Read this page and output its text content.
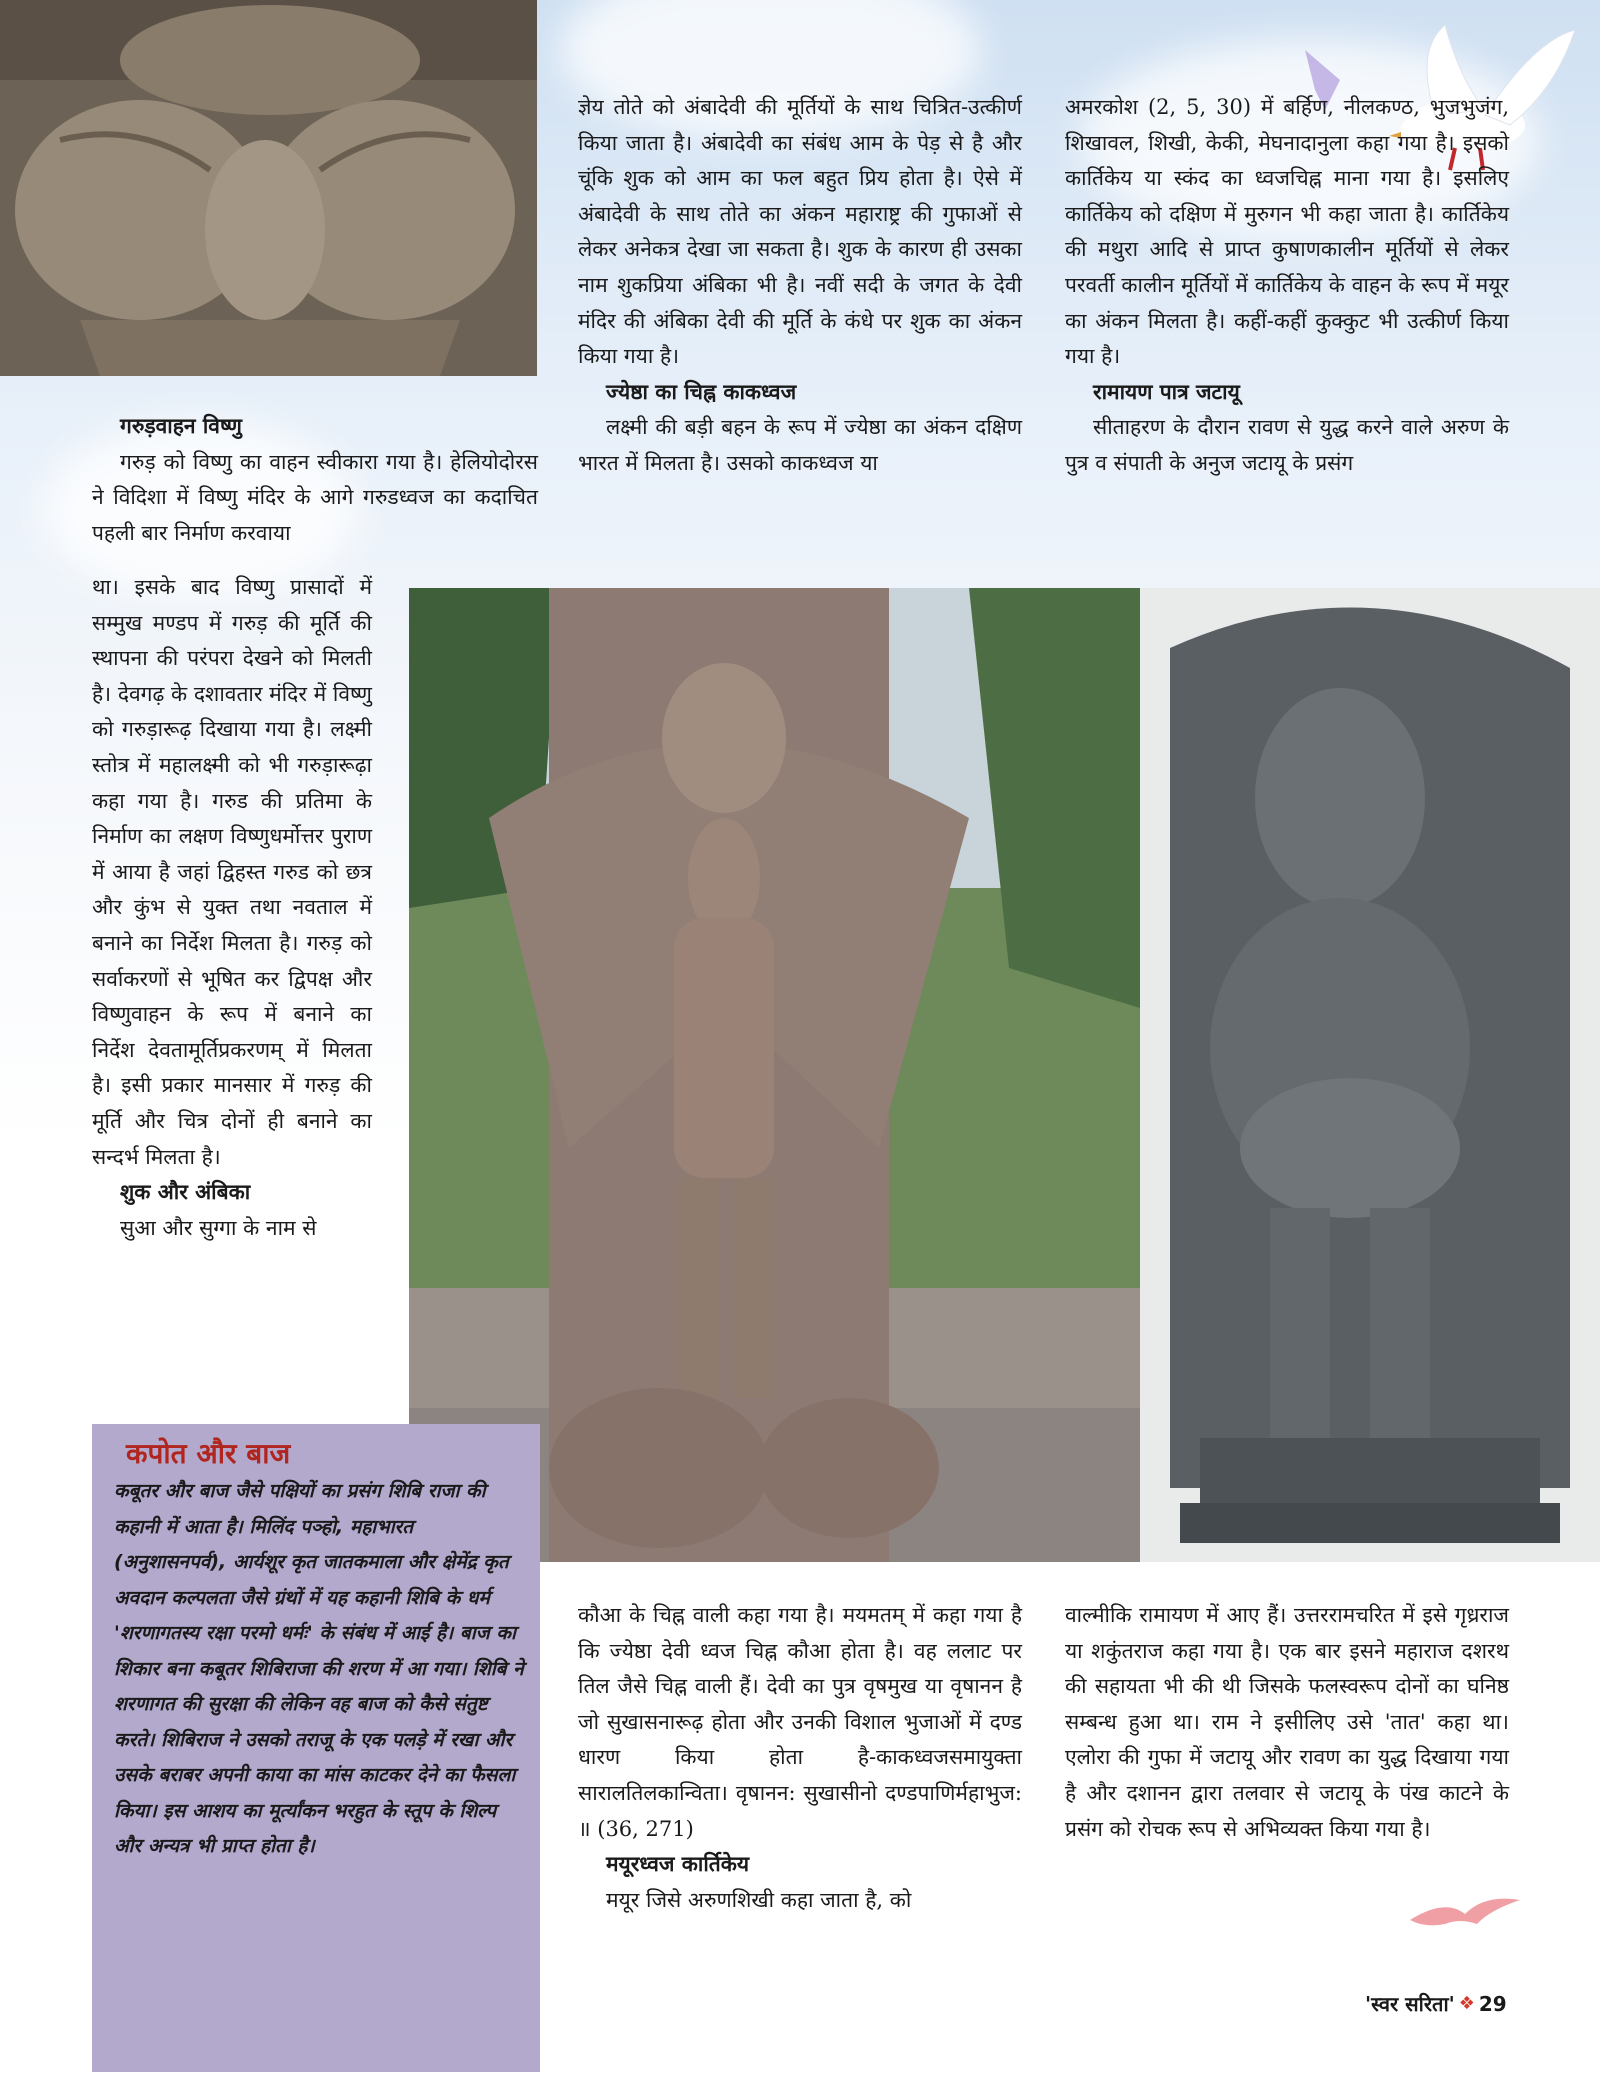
गरुड़वाहन विष्णु

गरुड़ को विष्णु का वाहन स्वीकारा गया है। हेलियोदोरस ने विदिशा में विष्णु मंदिर के आगे गरुडध्वज का कदाचित पहली बार निर्माण करवाया

था। इसके बाद विष्णु प्रासादों में सम्मुख मण्डप में गरुड़ की मूर्ति की स्थापना की परंपरा देखने को मिलती है। देवगढ़ के दशावतार मंदिर में विष्णु को गरुड़ारूढ़ दिखाया गया है। लक्ष्मी स्तोत्र में महालक्ष्मी को भी गरुड़ारूढ़ा कहा गया है। गरुड की प्रतिमा के निर्माण का लक्षण विष्णुधर्मोत्तर पुराण में आया है जहां द्विहस्त गरुड को छत्र और कुंभ से युक्त तथा नवताल में बनाने का निर्देश मिलता है। गरुड़ को सर्वाकरणों से भूषित कर द्विपक्ष और विष्णुवाहन के रूप में बनाने का निर्देश देवतामूर्तिप्रकरणम् में मिलता है। इसी प्रकार मानसार में गरुड़ की मूर्ति और चित्र दोनों ही बनाने का सन्दर्भ मिलता है।

शुक और अंबिका

सुआ और सुग्गा के नाम से

ज्ञेय तोते को अंबादेवी की मूर्तियों के साथ चित्रित-उत्कीर्ण किया जाता है। अंबादेवी का संबंध आम के पेड़ से है और चूंकि शुक को आम का फल बहुत प्रिय होता है। ऐसे में अंबादेवी के साथ तोते का अंकन महाराष्ट्र की गुफाओं से लेकर अनेकत्र देखा जा सकता है। शुक के कारण ही उसका नाम शुकप्रिया अंबिका भी है। नवीं सदी के जगत के देवी मंदिर की अंबिका देवी की मूर्ति के कंधे पर शुक का अंकन किया गया है।

ज्येष्ठा का चिह्न काकध्वज

लक्ष्मी की बड़ी बहन के रूप में ज्येष्ठा का अंकन दक्षिण भारत में मिलता है। उसको काकध्वज या

अमरकोश (2, 5, 30) में बर्हिण, नीलकण्ठ, भुजभुजंग, शिखावल, शिखी, केकी, मेघनादानुला कहा गया है। इसको कार्तिकेय या स्कंद का ध्वजचिह्न माना गया है। इसलिए कार्तिकेय को दक्षिण में मुरुगन भी कहा जाता है। कार्तिकेय की मथुरा आदि से प्राप्त कुषाणकालीन मूर्तियों से लेकर परवर्ती कालीन मूर्तियों में कार्तिकेय के वाहन के रूप में मयूर का अंकन मिलता है। कहीं-कहीं कुक्कुट भी उत्कीर्ण किया गया है।

रामायण पात्र जटायू

सीताहरण के दौरान रावण से युद्ध करने वाले अरुण के पुत्र व संपाती के अनुज जटायू के प्रसंग

कौआ के चिह्न वाली कहा गया है। मयमतम् में कहा गया है कि ज्येष्ठा देवी ध्वज चिह्न कौआ होता है। वह ललाट पर तिल जैसे चिह्न वाली हैं। देवी का पुत्र वृषमुख या वृषानन है जो सुखासनारूढ़ होता और उनकी विशाल भुजाओं में दण्ड धारण किया होता है-काकध्वजसमायुक्ता सारालतिलकान्विता। वृषानन: सुखासीनो दण्डपाणिर्महाभुज: ॥ (36, 271)

मयूरध्वज कार्तिकेय

मयूर जिसे अरुणशिखी कहा जाता है, को

वाल्मीकि रामायण में आए हैं। उत्तररामचरित में इसे गृध्रराज या शकुंतराज कहा गया है। एक बार इसने महाराज दशरथ की सहायता भी की थी जिसके फलस्वरूप दोनों का घनिष्ठ सम्बन्ध हुआ था। राम ने इसीलिए उसे 'तात' कहा था। एलोरा की गुफा में जटायू और रावण का युद्ध दिखाया गया है और दशानन द्वारा तलवार से जटायू के पंख काटने के प्रसंग को रोचक रूप से अभिव्यक्त किया गया है।

कपोत और बाज

कबूतर और बाज जैसे पक्षियों का प्रसंग शिबि राजा की कहानी में आता है। मिलिंद पञ्हो, महाभारत (अनुशासनपर्व), आर्यशूर कृत जातकमाला और क्षेमेंद्र कृत अवदान कल्पलता जैसे ग्रंथों में यह कहानी शिबि के धर्म 'शरणागतस्य रक्षा परमो धर्मः' के संबंध में आई है। बाज का शिकार बना कबूतर शिबिराजा की शरण में आ गया। शिबि ने शरणागत की सुरक्षा की लेकिन वह बाज को कैसे संतुष्ट करते। शिबिराज ने उसको तराजू के एक पलड़े में रखा और उसके बराबर अपनी काया का मांस काटकर देने का फैसला किया। इस आशय का मूर्त्यांकन भरहुत के स्तूप के शिल्प और अन्यत्र भी प्राप्त होता है।

'स्वर सरिता' ❖ 29
